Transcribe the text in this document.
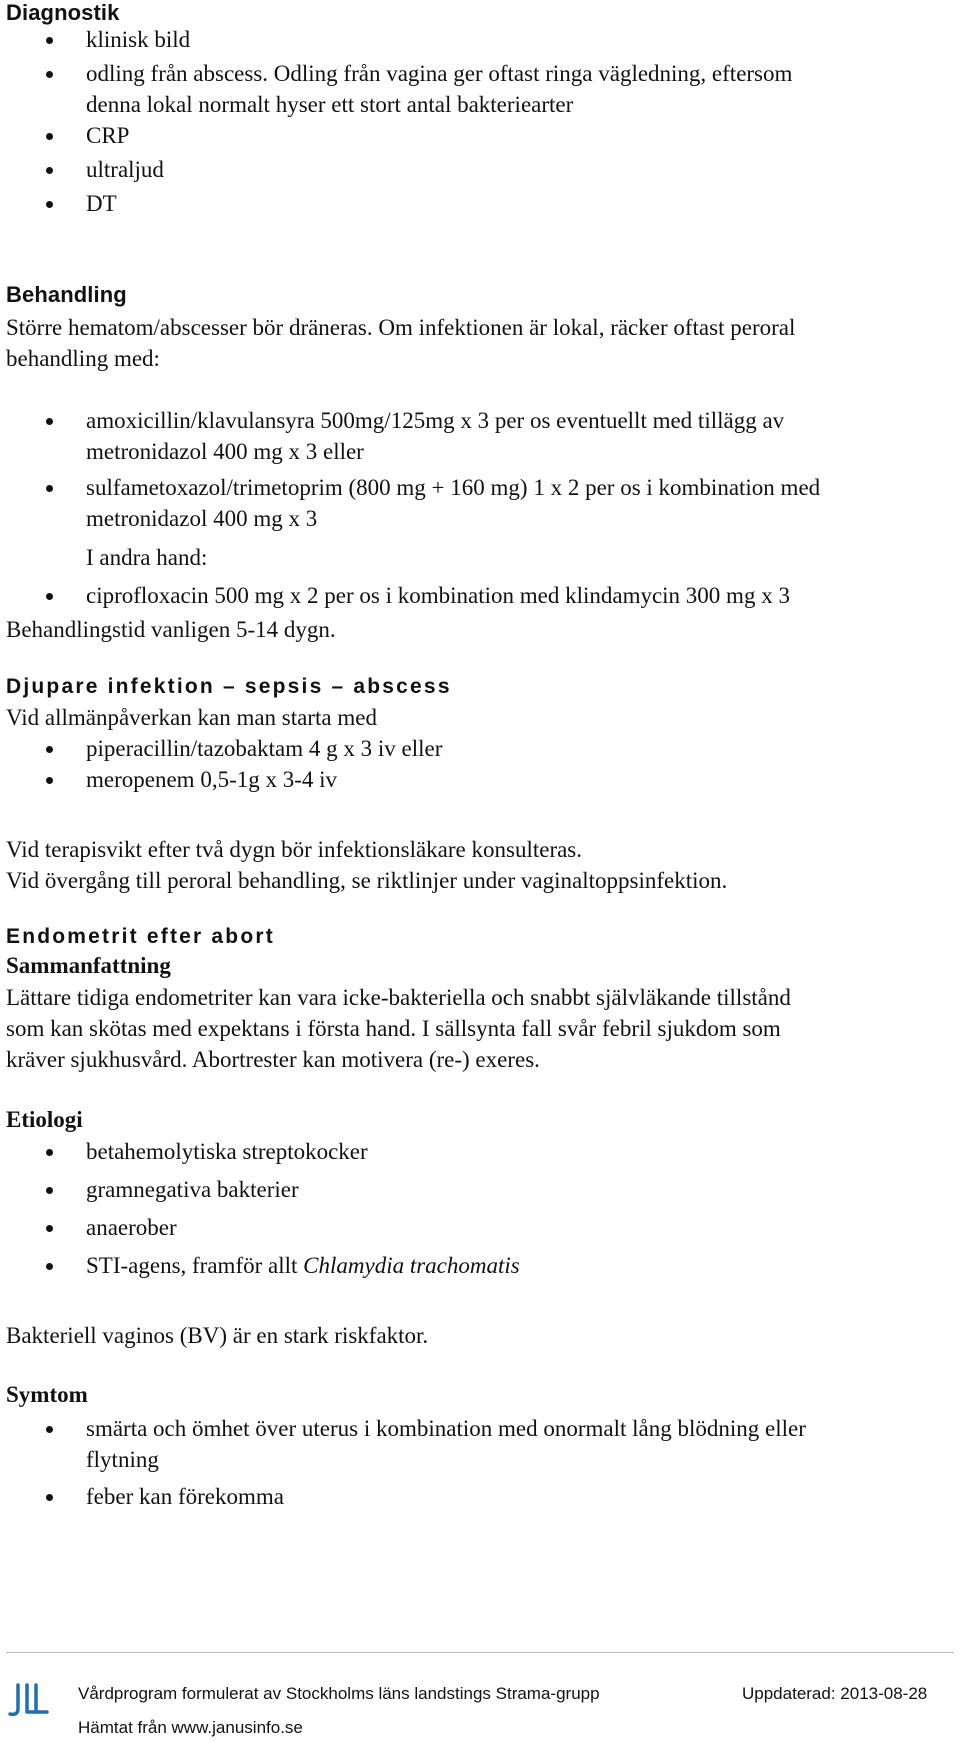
Diagnostik
klinisk bild
odling från abscess. Odling från vagina ger oftast ringa vägledning, eftersom
denna lokal normalt hyser ett stort antal bakteriearter
CRP
ultraljud
DT
Behandling
Större hematom/abscesser bör dräneras. Om infektionen är lokal, räcker oftast peroral
behandling med:
amoxicillin/klavulansyra 500mg/125mg x 3 per os eventuellt med tillägg av
metronidazol 400 mg x 3 eller
sulfametoxazol/trimetoprim (800 mg + 160 mg) 1 x 2 per os i kombination med
metronidazol 400 mg x 3
I andra hand:
ciprofloxacin 500 mg x 2 per os i kombination med klindamycin 300 mg x 3
Behandlingstid vanligen 5-14 dygn.
Djupare infektion – sepsis – abscess
Vid allmänpåverkan kan man starta med
piperacillin/tazobaktam 4 g x 3 iv eller
meropenem 0,5-1g x 3-4 iv
Vid terapisvikt efter två dygn bör infektionsläkare konsulteras.
Vid övergång till peroral behandling, se riktlinjer under vaginaltoppsinfektion.
Endometrit efter abort
Sammanfattning
Lättare tidiga endometriter kan vara icke-bakteriella och snabbt självläkande tillstånd
som kan skötas med expektans i första hand. I sällsynta fall svår febril sjukdom som
kräver sjukhusvård. Abortrester kan motivera (re-) exeres.
Etiologi
betahemolytiska streptokocker
gramnegativa bakterier
anaerober
STI-agens, framför allt Chlamydia trachomatis
Bakteriell vaginos (BV) är en stark riskfaktor.
Symtom
smärta och ömhet över uterus i kombination med onormalt lång blödning eller
flytning
feber kan förekomma
Vårdprogram formulerat av Stockholms läns landstings Strama-grupp	Uppdaterad: 2013-08-28
Hämtat från www.janusinfo.se
